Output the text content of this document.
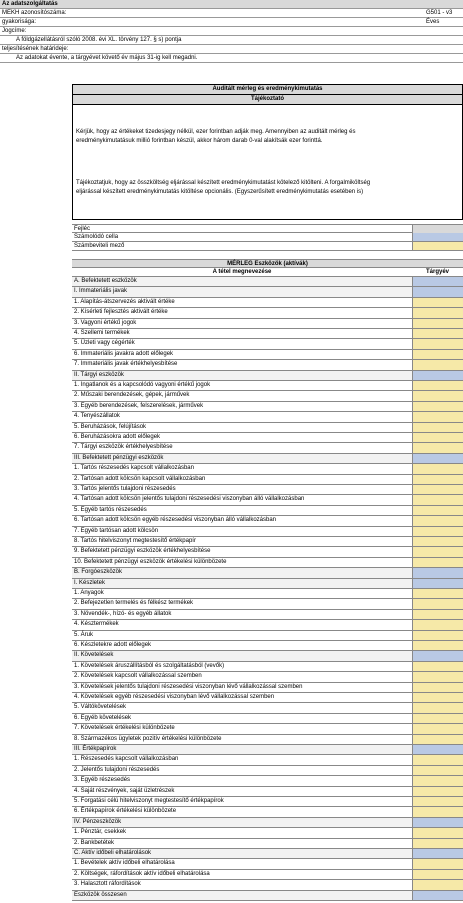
Az adatszolgáltatás
MEKH azonosítószáma:	G501 - v3
gyakorisága:	Éves
Jogcíme:
A földgázellátásról szóló 2008. évi XL. törvény 127. § s) pontja
teljesítésének határideje:
Az adatokat évente, a tárgyévet követő év május 31-ig kell megadni.
Auditált mérleg és eredménykimutatás
Tájékoztató
Kérjük, hogy az értékeket tizedesjegy nélkül, ezer forintban adják meg. Amennyiben az auditált mérleg és
eredménykimutatásuk millió forintban készül, akkor három darab 0-val alakítsák ezer forinttá.
Tájékoztatjuk, hogy az összköltség eljárással készített eredménykimutatást kötelező kitölteni. A forgalmiköltség
eljárással készített eredménykimutatás kitöltése opcionális. (Egyszerűsített eredménykimutatás esetében is)
Fejléc
Számolódó cella
Számbeviteli mező
MÉRLEG Eszközök (aktívák)
A tétel megnevezése	Tárgyév
A. Befektetett eszközök
I. Immateriális javak
1. Alapítás-átszervezés aktivált értéke
2. Kísérleti fejlesztés aktivált értéke
3. Vagyoni értékű jogok
4. Szellemi termékek
5. Üzleti vagy cégérték
6. Immateriális javakra adott előlegek
7. Immateriális javak értékhelyesbítése
II. Tárgyi eszközök
1. Ingatlanok és a kapcsolódó vagyoni értékű jogok
2. Műszaki berendezések, gépek, járművek
3. Egyéb berendezések, felszerelések, járművek
4. Tenyészállatok
5. Beruházások, felújítások
6. Beruházásokra adott előlegek
7. Tárgyi eszközök értékhelyesbítése
III. Befektetett pénzügyi eszközök
1. Tartós részesedés kapcsolt vállalkozásban
2. Tartósan adott kölcsön kapcsolt vállalkozásban
3. Tartós jelentős tulajdoni részesedés
4. Tartósan adott kölcsön jelentős tulajdoni részesedési viszonyban álló vállalkozásban
5. Egyéb tartós részesedés
6. Tartósan adott kölcsön egyéb részesedési viszonyban álló vállalkozásban
7. Egyéb tartósan adott kölcsön
8. Tartós hitelviszonyt megtestesítő értékpapír
9. Befektetett pénzügyi eszközök értékhelyesbítése
10. Befektetett pénzügyi eszközök értékelési különbözete
B. Forgóeszközök
I. Készletek
1. Anyagok
2. Befejezetlen termelés és félkész termékek
3. Növendék-, hízó- és egyéb állatok
4. Késztermékek
5. Áruk
6. Készletekre adott előlegek
II. Követelések
1. Követelések áruszállításból és szolgáltatásból (vevők)
2. Követelések kapcsolt vállalkozással szemben
3. Követelések jelentős tulajdoni részesedési viszonyban lévő vállalkozással szemben
4. Követelések egyéb részesedési viszonyban lévő vállalkozással szemben
5. Váltókövetelések
6. Egyéb követelések
7. Követelések értékelési különbözete
8. Származékos ügyletek pozitív értékelési különbözete
III. Értékpapírok
1. Részesedés kapcsolt vállalkozásban
2. Jelentős tulajdoni részesedés
3. Egyéb részesedés
4. Saját részvények, saját üzletrészek
5. Forgatási célú hitelviszonyt megtestesítő értékpapírok
6. Értékpapírok értékelési különbözete
IV. Pénzeszközök
1. Pénztár, csekkek
2. Bankbetétek
C. Aktív időbeli elhatárolások
1. Bevételek aktív időbeli elhatárolása
2. Költségek, ráfordítások aktív időbeli elhatárolása
3. Halasztott ráfordítások
Eszközök összesen
